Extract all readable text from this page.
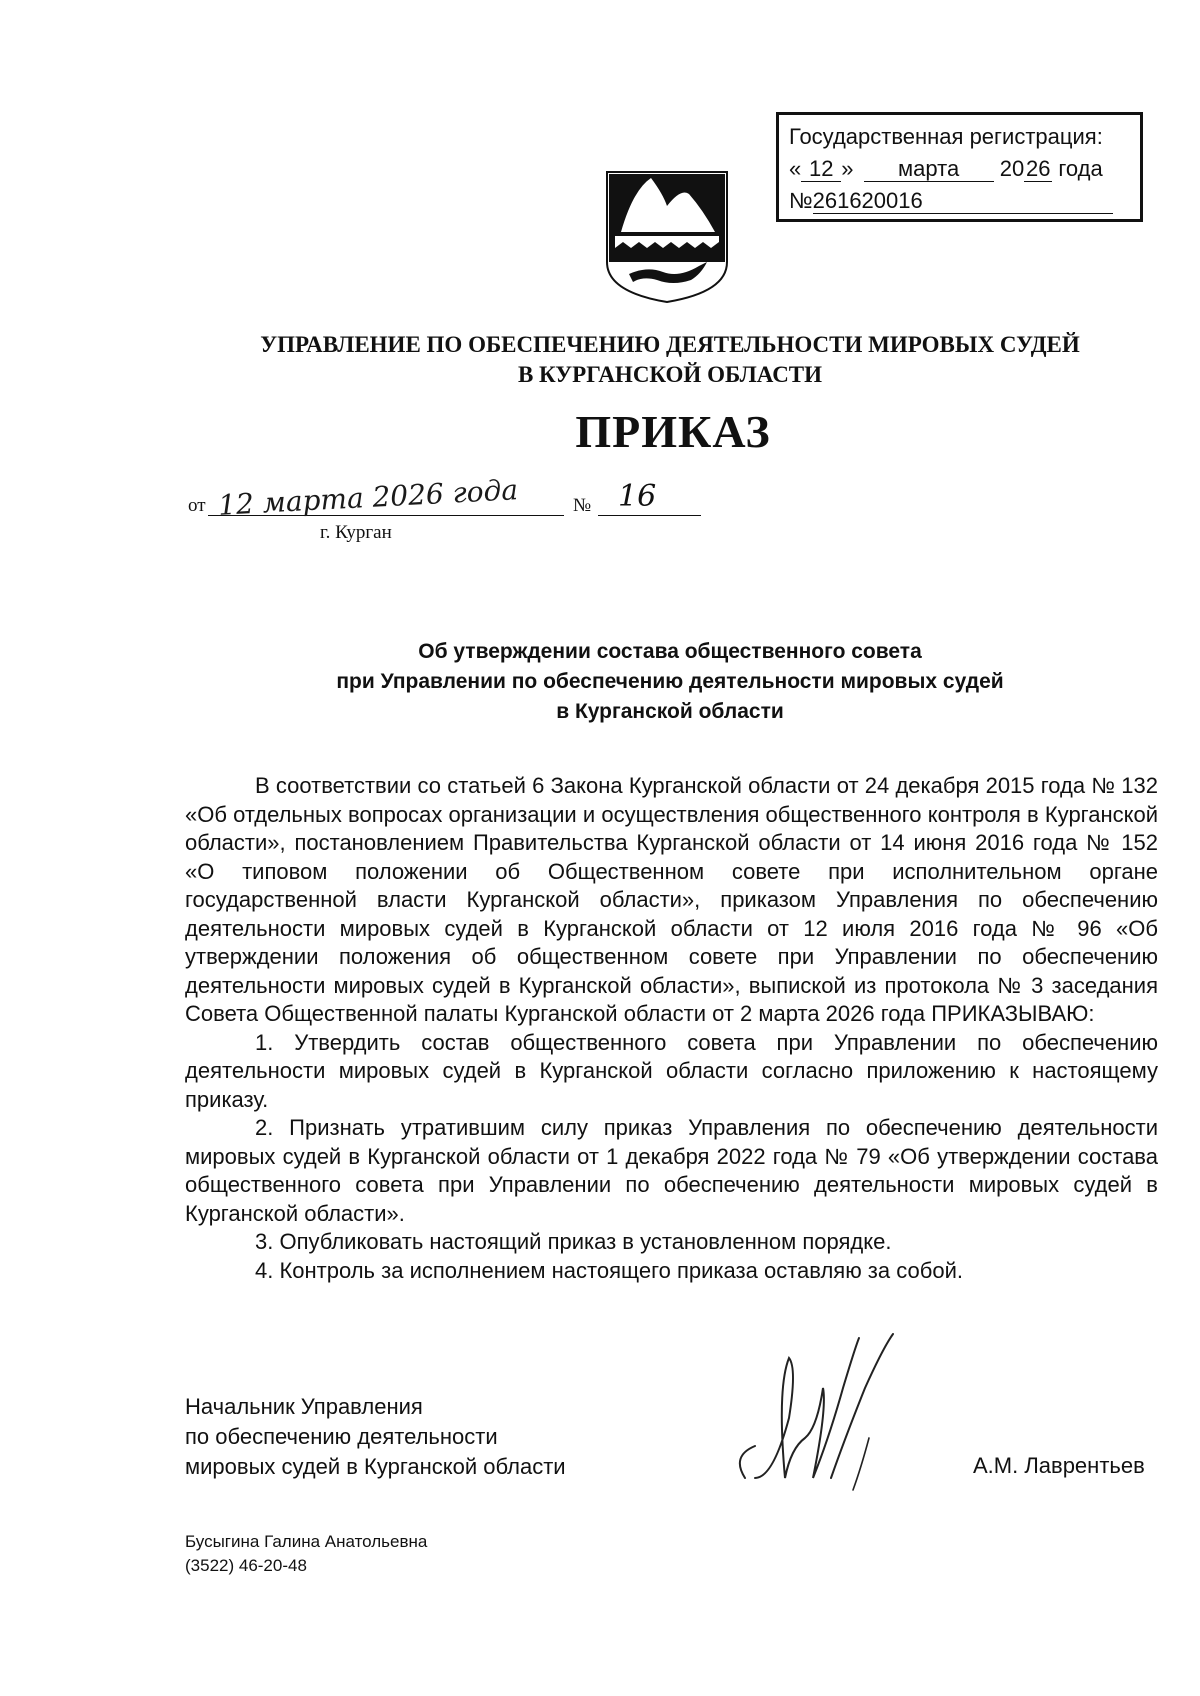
Государственная регистрация:
« 12 » марта 2026 года
№261620016
УПРАВЛЕНИЕ ПО ОБЕСПЕЧЕНИЮ ДЕЯТЕЛЬНОСТИ МИРОВЫХ СУДЕЙ
В КУРГАНСКОЙ ОБЛАСТИ
ПРИКАЗ
от 12 марта 2026 года	№ 16
г. Курган
Об утверждении состава общественного совета
при Управлении по обеспечению деятельности мировых судей
в Курганской области

В соответствии со статьей 6 Закона Курганской области от 24 декабря 2015 года № 132 «Об отдельных вопросах организации и осуществления общественного контроля в Курганской области», постановлением Правительства Курганской области от 14 июня 2016 года № 152 «О типовом положении об Общественном совете при исполнительном органе государственной власти Курганской области», приказом Управления по обеспечению деятельности мировых судей в Курганской области от 12 июля 2016 года № 96 «Об утверждении положения об общественном совете при Управлении по обеспечению деятельности мировых судей в Курганской области», выпиской из протокола № 3 заседания Совета Общественной палаты Курганской области от 2 марта 2026 года ПРИКАЗЫВАЮ:

1. Утвердить состав общественного совета при Управлении по обеспечению деятельности мировых судей в Курганской области согласно приложению к настоящему приказу.

2. Признать утратившим силу приказ Управления по обеспечению деятельности мировых судей в Курганской области от 1 декабря 2022 года № 79 «Об утверждении состава общественного совета при Управлении по обеспечению деятельности мировых судей в Курганской области».

3. Опубликовать настоящий приказ в установленном порядке.

4. Контроль за исполнением настоящего приказа оставляю за собой.

Начальник Управления
по обеспечению деятельности
мировых судей в Курганской области	А.М. Лаврентьев
Бусыгина Галина Анатольевна
(3522) 46-20-48
